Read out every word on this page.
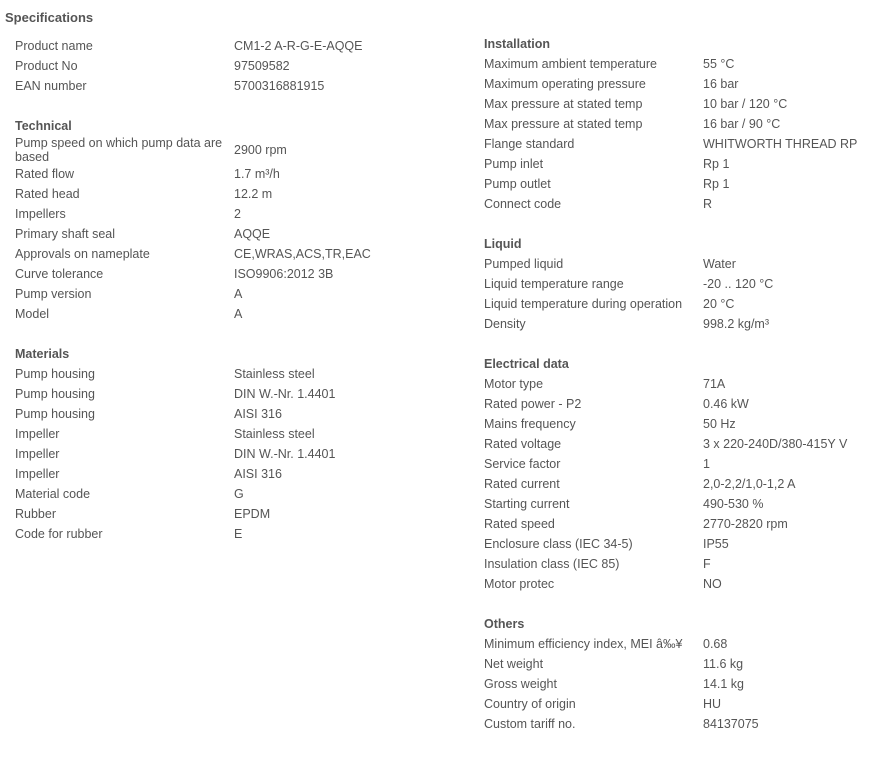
Specifications
Product name	CM1-2 A-R-G-E-AQQE
Product No	97509582
EAN number	5700316881915
Technical
Pump speed on which pump data are based	2900 rpm
Rated flow	1.7 m³/h
Rated head	12.2 m
Impellers	2
Primary shaft seal	AQQE
Approvals on nameplate	CE,WRAS,ACS,TR,EAC
Curve tolerance	ISO9906:2012 3B
Pump version	A
Model	A
Materials
Pump housing	Stainless steel
Pump housing	DIN W.-Nr. 1.4401
Pump housing	AISI 316
Impeller	Stainless steel
Impeller	DIN W.-Nr. 1.4401
Impeller	AISI 316
Material code	G
Rubber	EPDM
Code for rubber	E
Installation
Maximum ambient temperature	55 °C
Maximum operating pressure	16 bar
Max pressure at stated temp	10 bar / 120 °C
Max pressure at stated temp	16 bar / 90 °C
Flange standard	WHITWORTH THREAD RP
Pump inlet	Rp 1
Pump outlet	Rp 1
Connect code	R
Liquid
Pumped liquid	Water
Liquid temperature range	-20 .. 120 °C
Liquid temperature during operation	20 °C
Density	998.2 kg/m³
Electrical data
Motor type	71A
Rated power - P2	0.46 kW
Mains frequency	50 Hz
Rated voltage	3 x 220-240D/380-415Y V
Service factor	1
Rated current	2,0-2,2/1,0-1,2 A
Starting current	490-530 %
Rated speed	2770-2820 rpm
Enclosure class (IEC 34-5)	IP55
Insulation class (IEC 85)	F
Motor protec	NO
Others
Minimum efficiency index, MEI â‰¥	0.68
Net weight	11.6 kg
Gross weight	14.1 kg
Country of origin	HU
Custom tariff no.	84137075
